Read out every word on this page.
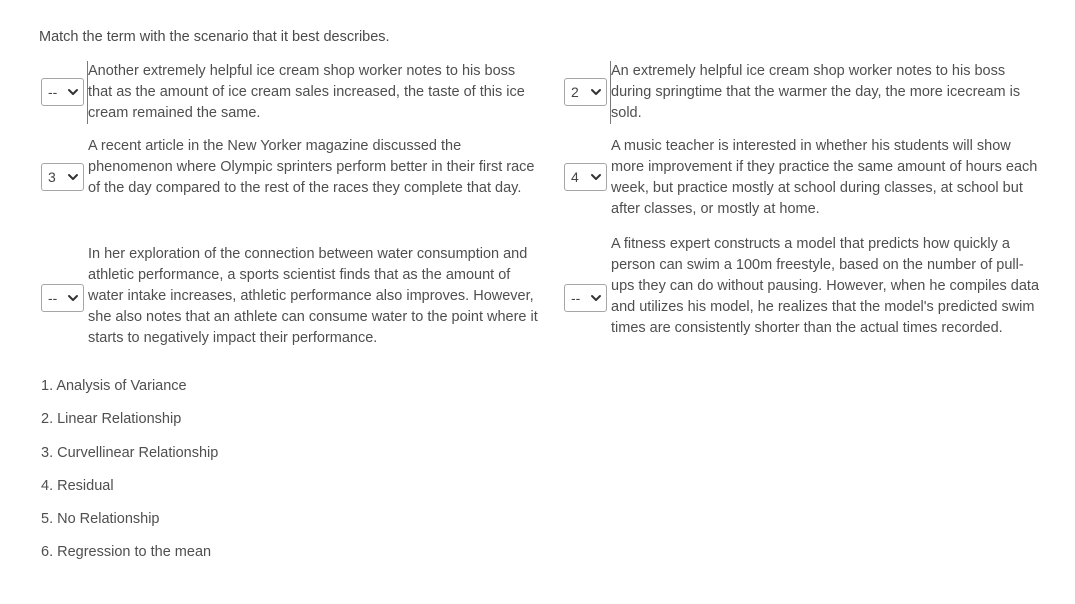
Match the term with the scenario that it best describes.
--
Another extremely helpful ice cream shop worker notes to his boss that as the amount of ice cream sales increased, the taste of this ice cream remained the same.
2
An extremely helpful ice cream shop worker notes to his boss during springtime that the warmer the day, the more icecream is sold.
3
A recent article in the New Yorker magazine discussed the phenomenon where Olympic sprinters perform better in their first race of the day compared to the rest of the races they complete that day.
4
A music teacher is interested in whether his students will show more improvement if they practice the same amount of hours each week, but practice mostly at school during classes, at school but after classes, or mostly at home.
--
In her exploration of the connection between water consumption and athletic performance, a sports scientist finds that as the amount of water intake increases, athletic performance also improves. However, she also notes that an athlete can consume water to the point where it starts to negatively impact their performance.
--
A fitness expert constructs a model that predicts how quickly a person can swim a 100m freestyle, based on the number of pull-ups they can do without pausing. However, when he compiles data and utilizes his model, he realizes that the model's predicted swim times are consistently shorter than the actual times recorded.
1. Analysis of Variance
2. Linear Relationship
3. Curvellinear Relationship
4. Residual
5. No Relationship
6. Regression to the mean
